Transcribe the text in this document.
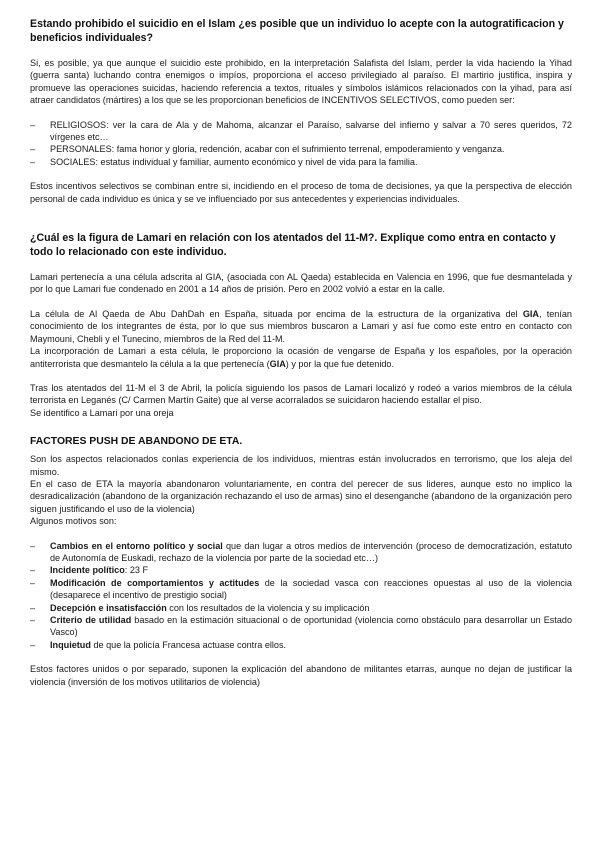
Estando prohibido el suicidio en el Islam ¿es posible que un individuo lo acepte con la autogratificacion y beneficios individuales?

Si, es posible, ya que aunque el suicidio este prohibido, en la interpretación Salafista del Islam, perder la vida haciendo la Yihad (guerra santa) luchando contra enemigos o impíos, proporciona el acceso privilegiado al paraíso. El martirio justifica, inspira y promueve las operaciones suicidas, haciendo referencia a textos, rituales y símbolos islámicos relacionados con la yihad, para así atraer candidatos (mártires) a los que se les proporcionan beneficios de INCENTIVOS SELECTIVOS, como pueden ser:

– RELIGIOSOS: ver la cara de Ala y de Mahoma, alcanzar el Paraíso, salvarse del infierno y salvar a 70 seres queridos, 72 vírgenes etc…
– PERSONALES: fama honor y gloria, redención, acabar con el sufrimiento terrenal, empoderamiento y venganza.
– SOCIALES: estatus individual y familiar, aumento económico y nivel de vida para la familia.

Estos incentivos selectivos se combinan entre si, incidiendo en el proceso de toma de decisiones, ya que la perspectiva de elección personal de cada individuo es única y se ve influenciado por sus antecedentes y experiencias individuales.

¿Cuál es la figura de Lamari en relación con los atentados del 11-M?. Explique como entra en contacto y todo lo relacionado con este individuo.

Lamari pertenecía a una célula adscrita al GIA, (asociada con AL Qaeda) establecida en Valencia en 1996, que fue desmantelada y por lo que Lamari fue condenado en 2001 a 14 años de prisión. Pero en 2002 volvió a estar en la calle.

La célula de Al Qaeda de Abu DahDah en España, situada por encima de la estructura de la organizativa del GIA, tenían conocimiento de los integrantes de ésta, por lo que sus miembros buscaron a Lamari y así fue como este entro en contacto con Maymouni, Chebli y el Tunecino, miembros de la Red del 11-M.

La incorporación de Lamari a esta célula, le proporciono la ocasión de vengarse de España y los españoles, por la operación antiterrorista que desmantelo la célula a la que pertenecía (GIA) y por la que fue detenido.

Tras los atentados del 11-M el 3 de Abril, la policía siguiendo los pasos de Lamari localizó y rodeó a varios miembros de la célula terrorista en Leganés (C/ Carmen Martín Gaite) que al verse acorralados se suicidaron haciendo estallar el piso.

Se identifico a Lamari por una oreja

FACTORES PUSH DE ABANDONO DE ETA.

Son los aspectos relacionados conlas experiencia de los individuos, mientras están involucrados en terrorismo, que los aleja del mismo.

En el caso de ETA la mayoría abandonaron voluntariamente, en contra del perecer de sus lideres, aunque esto no implico la desradicalización (abandono de la organización rechazando el uso de armas) sino el desenganche (abandono de la organización pero siguen justificando el uso de la violencia)

Algunos motivos son:

– Cambios en el entorno político y social que dan lugar a otros medios de intervención (proceso de democratización, estatuto de Autonomía de Euskadi, rechazo de la violencia por parte de la sociedad etc…)
– Incidente político: 23 F
– Modificación de comportamientos y actitudes de la sociedad vasca con reacciones opuestas al uso de la violencia (desaparece el incentivo de prestigio social)
– Decepción e insatisfacción con los resultados de la violencia y su implicación
– Criterio de utilidad basado en la estimación situacional o de oportunidad (violencia como obstáculo para desarrollar un Estado Vasco)
– Inquietud de que la policía Francesa actuase contra ellos.

Estos factores unidos o por separado, suponen la explicación del abandono de militantes etarras, aunque no dejan de justificar la violencia (inversión de los motivos utilitarios de violencia)
